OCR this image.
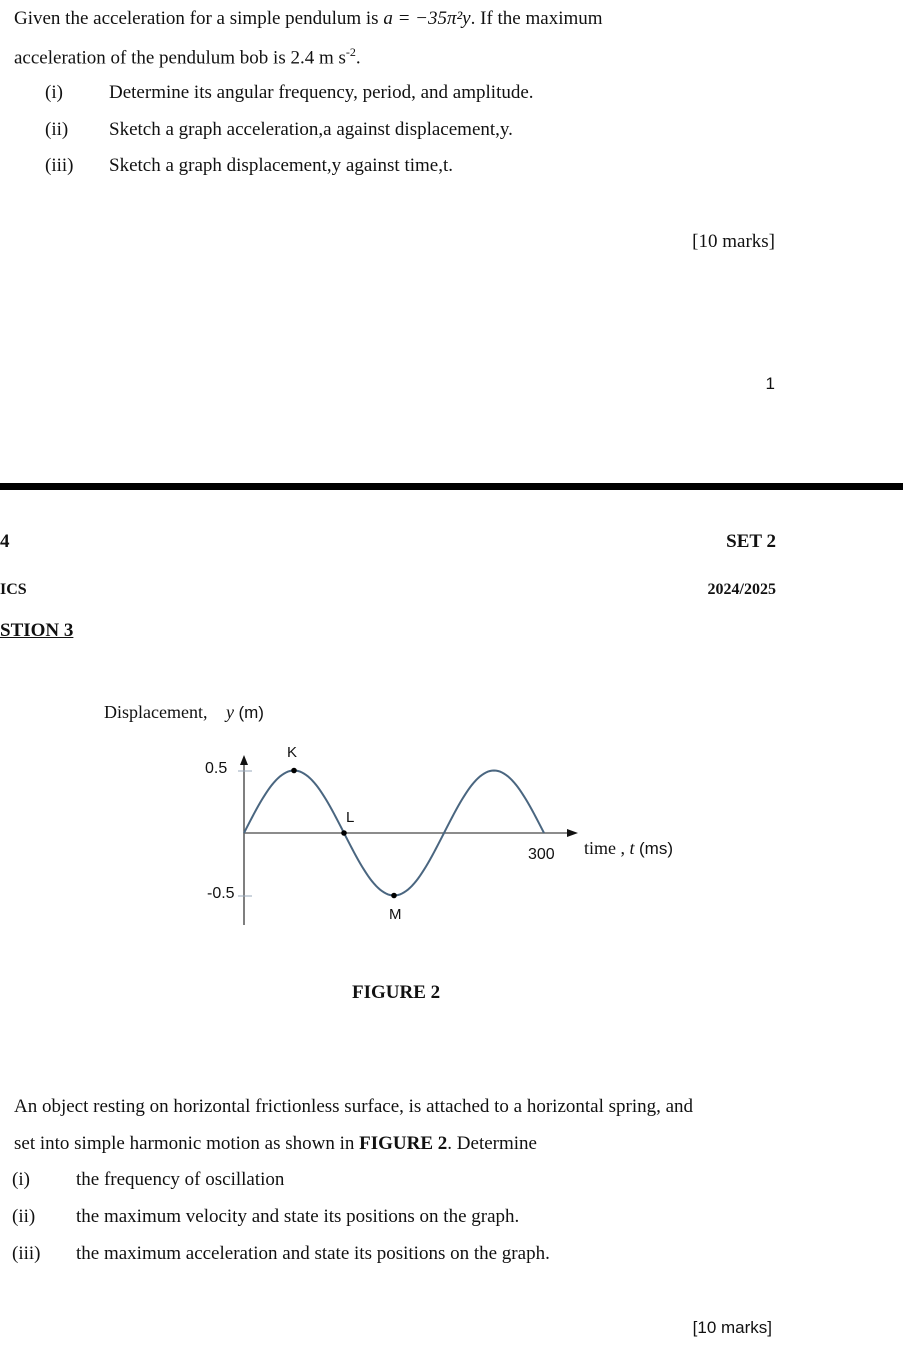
Given the acceleration for a simple pendulum is a = −35π²y. If the maximum
acceleration of the pendulum bob is 2.4 m $s^{-2}$.
(i) Determine its angular frequency, period, and amplitude.
(ii) Sketch a graph acceleration,a against displacement,y.
(iii) Sketch a graph displacement,y against time,t.
[10 marks]
1
4	SET 2
ICS	2024/2025
STION 3
Displacement, y (m)
0.5
-0.5
300 time , t (ms)
K
L
M
FIGURE 2
An object resting on horizontal frictionless surface, is attached to a horizontal spring, and
set into simple harmonic motion as shown in FIGURE 2. Determine
(i) the frequency of oscillation
(ii) the maximum velocity and state its positions on the graph.
(iii) the maximum acceleration and state its positions on the graph.
[10 marks]
